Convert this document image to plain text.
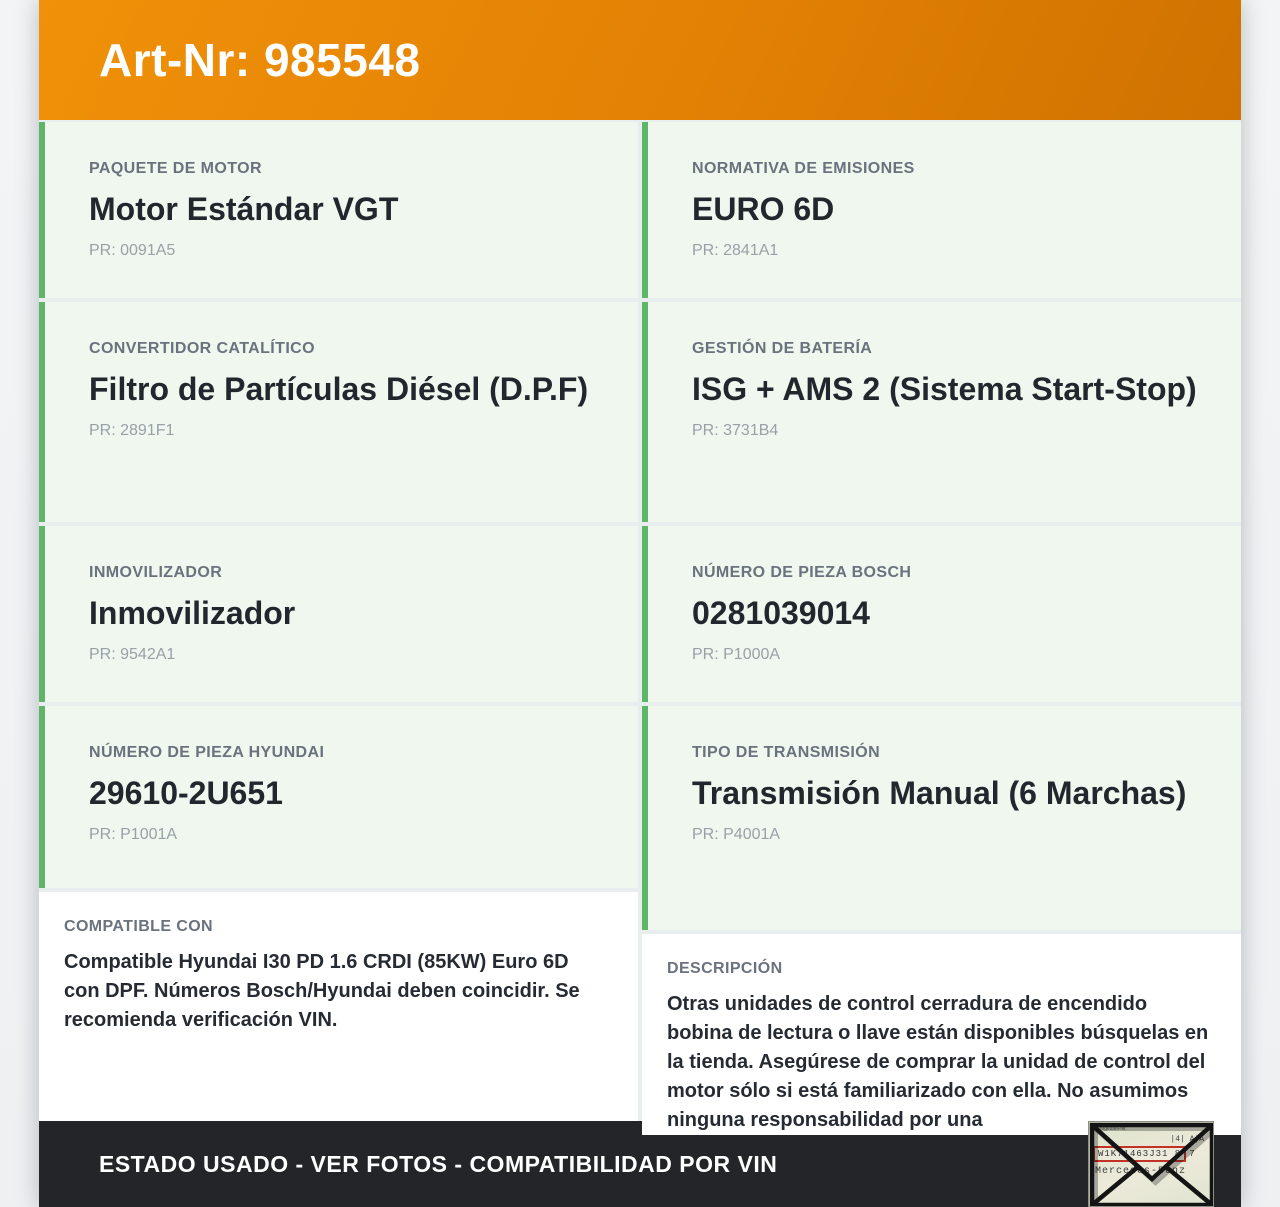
Art-Nr: 985548
PAQUETE DE MOTOR
Motor Estándar VGT
PR: 0091A5
CONVERTIDOR CATALÍTICO
Filtro de Partículas Diésel (D.P.F)
PR: 2891F1
INMOVILIZADOR
Inmovilizador
PR: 9542A1
NÚMERO DE PIEZA HYUNDAI
29610-2U651
PR: P1001A
COMPATIBLE CON

Compatible Hyundai I30 PD 1.6 CRDI (85KW) Euro 6D con DPF. Números Bosch/Hyundai deben coincidir. Se recomienda verificación VIN.

NORMATIVA DE EMISIONES
EURO 6D
PR: 2841A1
GESTIÓN DE BATERÍA
ISG + AMS 2 (Sistema Start-Stop)
PR: 3731B4
NÚMERO DE PIEZA BOSCH
0281039014
PR: P1000A
TIPO DE TRANSMISIÓN
Transmisión Manual (6 Marchas)
PR: P4001A
DESCRIPCIÓN

Otras unidades de control cerradura de encendido bobina de lectura o llave están disponibles búsquelas en la tienda. Asegúrese de comprar la unidad de control del motor sólo si está familiarizado con ella. No asumimos ninguna responsabilidad por una

ESTADO USADO - VER FOTOS - COMPATIBILIDAD POR VIN
Fahrgestell-Nr.
|4| A|A
W1K71463J31 8 7
Mercedes-Benz
